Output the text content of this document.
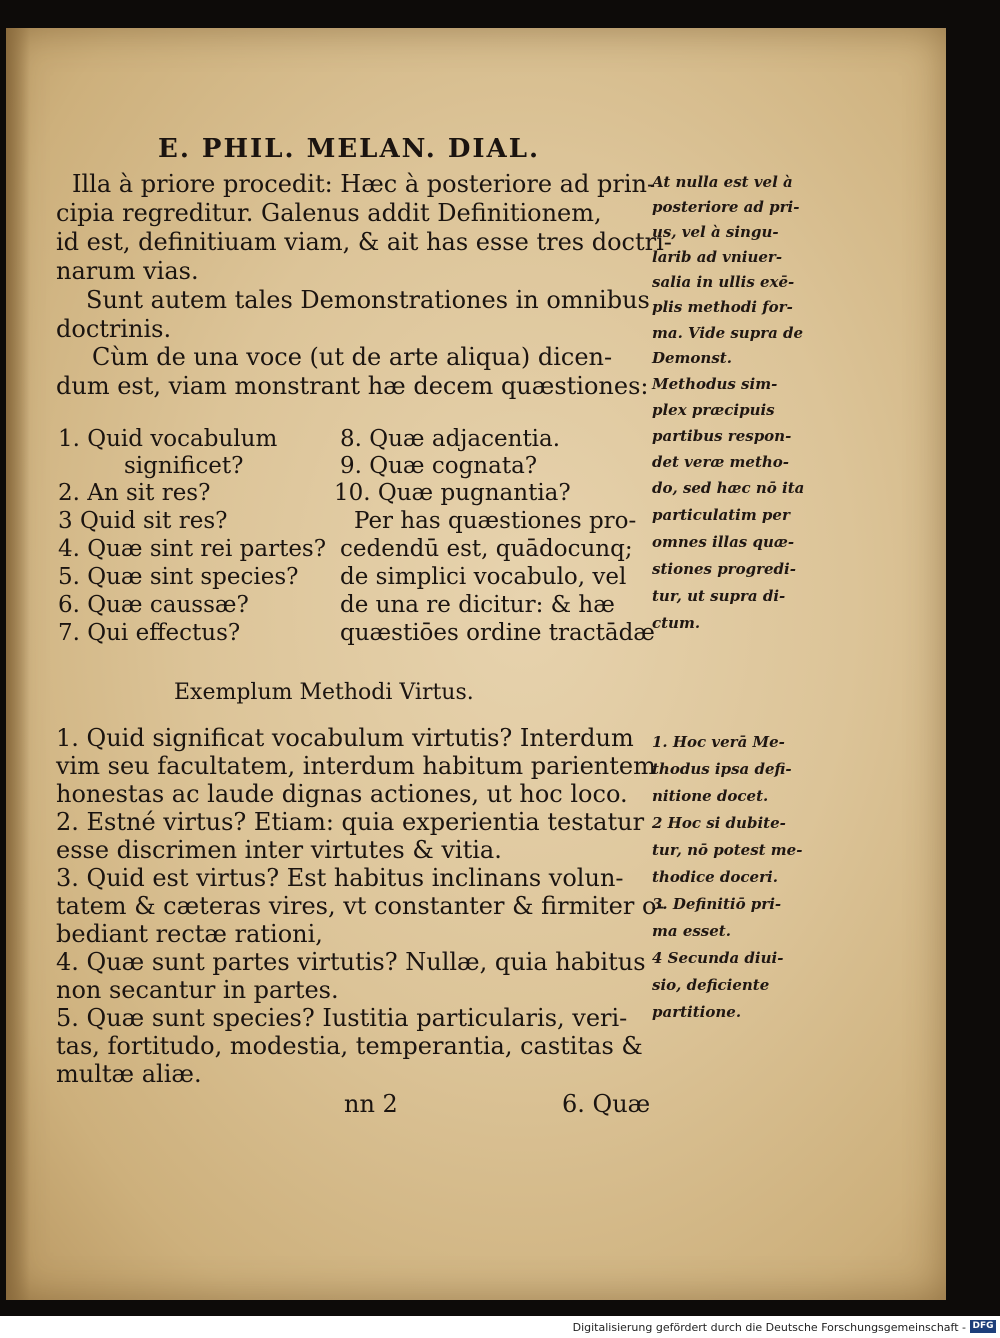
E. PHIL. MELAN. DIAL.
Illa à priore procedit: Hæc à posteriore ad prin-
cipia regreditur. Galenus addit Definitionem,
id est, definitiuam viam, & ait has esse tres doctri-
narum vias.
Sunt autem tales Demonstrationes in omnibus
doctrinis.
Cùm de una voce (ut de arte aliqua) dicen-
dum est, viam monstrant hæ decem quæstiones:
1. Quid vocabulum
significet?
2. An sit res?
3 Quid sit res?
4. Quæ sint rei partes?
5. Quæ sint species?
6. Quæ caussæ?
7. Qui effectus?
8. Quæ adjacentia.
9. Quæ cognata?
10. Quæ pugnantia?
Per has quæstiones pro-
cedendū est, quādocunq;
de simplici vocabulo, vel
de una re dicitur: & hæ
quæstiōes ordine tractādæ
At nulla est vel à
posteriore ad pri-
us, vel à singu-
larib ad vniuer-
salia in ullis exē-
plis methodi for-
ma. Vide supra de
Demonst.
Methodus sim-
plex præcipuis
partibus respon-
det veræ metho-
do, sed hæc nō ita
particulatim per
omnes illas quæ-
stiones progredi-
tur, ut supra di-
ctum.
Exemplum Methodi Virtus.
1. Quid significat vocabulum virtutis? Interdum
vim seu facultatem, interdum habitum parientem
honestas ac laude dignas actiones, ut hoc loco.
2. Estné virtus? Etiam: quia experientia testatur
esse discrimen inter virtutes & vitia.
3. Quid est virtus? Est habitus inclinans volun-
tatem & cæteras vires, vt constanter & firmiter o-
bediant rectæ rationi,
4. Quæ sunt partes virtutis? Nullæ, quia habitus
non secantur in partes.
5. Quæ sunt species? Iustitia particularis, veri-
tas, fortitudo, modestia, temperantia, castitas &
multæ aliæ.
1. Hoc verā Me-
thodus ipsa defi-
nitione docet.
2 Hoc si dubite-
tur, nō potest me-
thodice doceri.
3. Definitiō pri-
ma esset.
4 Secunda diui-
sio, deficiente
partitione.
nn 2	6. Quæ
Digitalisierung gefördert durch die Deutsche Forschungsgemeinschaft - DFG
